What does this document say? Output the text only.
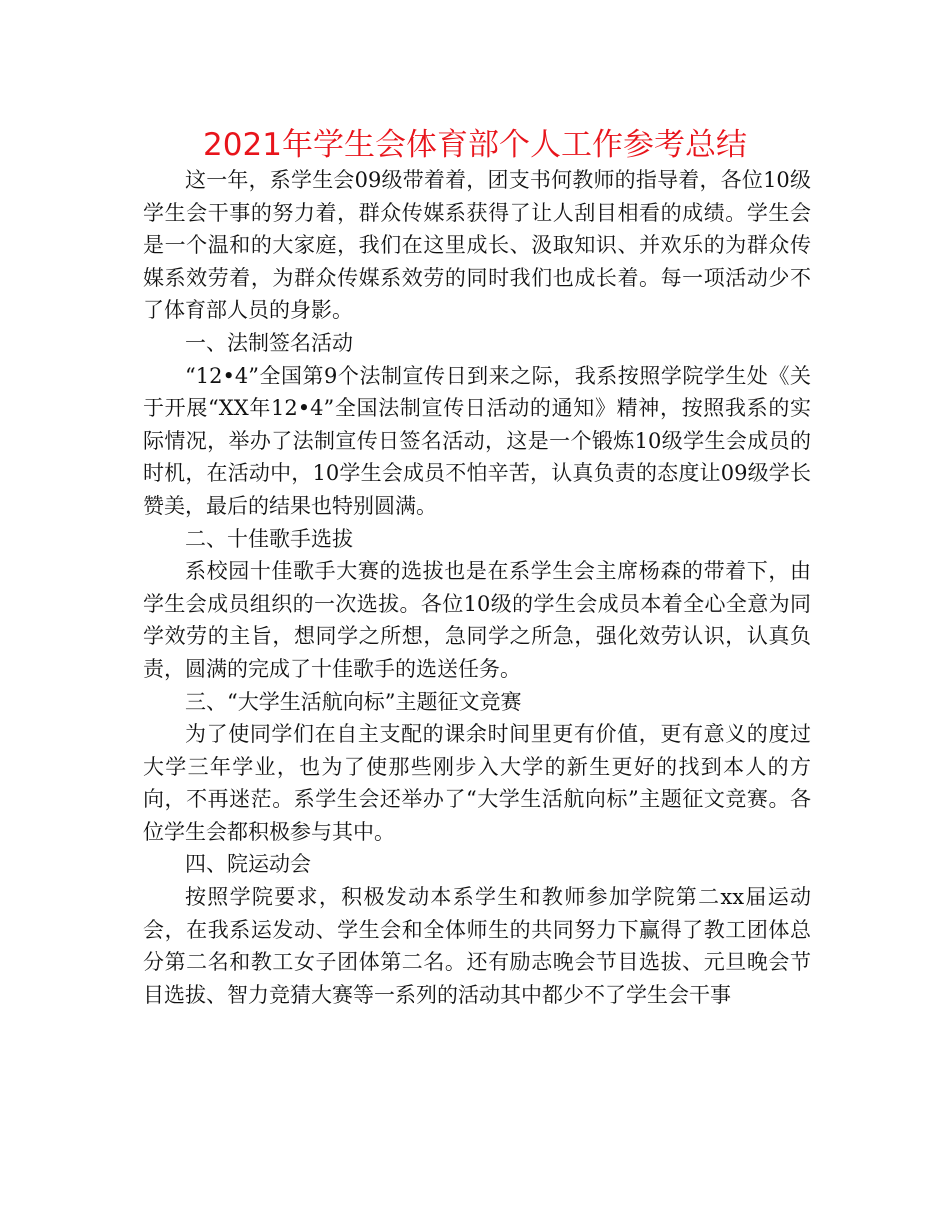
2021年学生会体育部个人工作参考总结

这一年，系学生会09级带着着，团支书何教师的指导着，各位10级学生会干事的努力着，群众传媒系获得了让人刮目相看的成绩。学生会是一个温和的大家庭，我们在这里成长、汲取知识、并欢乐的为群众传媒系效劳着，为群众传媒系效劳的同时我们也成长着。每一项活动少不了体育部人员的身影。

一、法制签名活动

“12•4”全国第9个法制宣传日到来之际，我系按照学院学生处《关于开展“XX年12•4”全国法制宣传日活动的通知》精神，按照我系的实际情况，举办了法制宣传日签名活动，这是一个锻炼10级学生会成员的时机，在活动中，10学生会成员不怕辛苦，认真负责的态度让09级学长赞美，最后的结果也特别圆满。

二、十佳歌手选拔

系校园十佳歌手大赛的选拔也是在系学生会主席杨森的带着下，由学生会成员组织的一次选拔。各位10级的学生会成员本着全心全意为同学效劳的主旨，想同学之所想，急同学之所急，强化效劳认识，认真负责，圆满的完成了十佳歌手的选送任务。

三、“大学生活航向标”主题征文竞赛

为了使同学们在自主支配的课余时间里更有价值，更有意义的度过大学三年学业，也为了使那些刚步入大学的新生更好的找到本人的方向，不再迷茫。系学生会还举办了“大学生活航向标”主题征文竞赛。各位学生会都积极参与其中。

四、院运动会

按照学院要求，积极发动本系学生和教师参加学院第二xx届运动会，在我系运发动、学生会和全体师生的共同努力下赢得了教工团体总分第二名和教工女子团体第二名。还有励志晚会节目选拔、元旦晚会节目选拔、智力竞猜大赛等一系列的活动其中都少不了学生会干事
